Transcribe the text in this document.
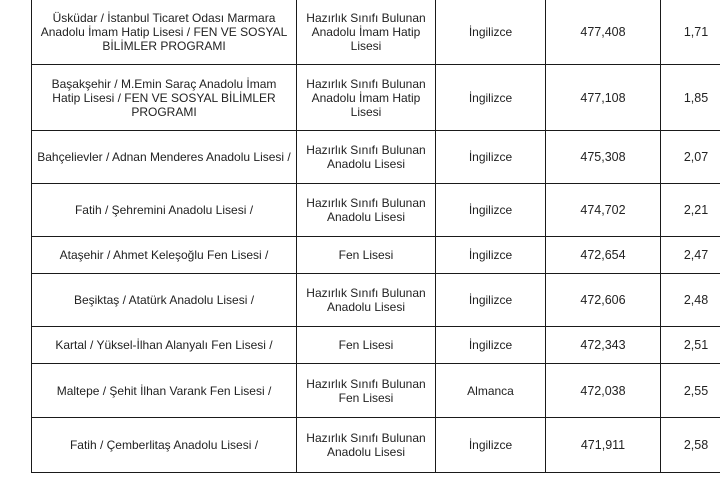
Üsküdar / İstanbul Ticaret Odası Marmara Anadolu İmam Hatip Lisesi / FEN VE SOSYAL BİLİMLER PROGRAMI	Hazırlık Sınıfı Bulunan Anadolu İmam Hatip Lisesi	İngilizce	477,408	1,71
Başakşehir / M.Emin Saraç Anadolu İmam Hatip Lisesi / FEN VE SOSYAL BİLİMLER PROGRAMI	Hazırlık Sınıfı Bulunan Anadolu İmam Hatip Lisesi	İngilizce	477,108	1,85
Bahçelievler / Adnan Menderes Anadolu Lisesi /	Hazırlık Sınıfı Bulunan Anadolu Lisesi	İngilizce	475,308	2,07
Fatih / Şehremini Anadolu Lisesi /	Hazırlık Sınıfı Bulunan Anadolu Lisesi	İngilizce	474,702	2,21
Ataşehir / Ahmet Keleşoğlu Fen Lisesi /	Fen Lisesi	İngilizce	472,654	2,47
Beşiktaş / Atatürk Anadolu Lisesi /	Hazırlık Sınıfı Bulunan Anadolu Lisesi	İngilizce	472,606	2,48
Kartal / Yüksel-İlhan Alanyalı Fen Lisesi /	Fen Lisesi	İngilizce	472,343	2,51
Maltepe / Şehit İlhan Varank Fen Lisesi /	Hazırlık Sınıfı Bulunan Fen Lisesi	Almanca	472,038	2,55
Fatih / Çemberlitaş Anadolu Lisesi /	Hazırlık Sınıfı Bulunan Anadolu Lisesi	İngilizce	471,911	2,58
